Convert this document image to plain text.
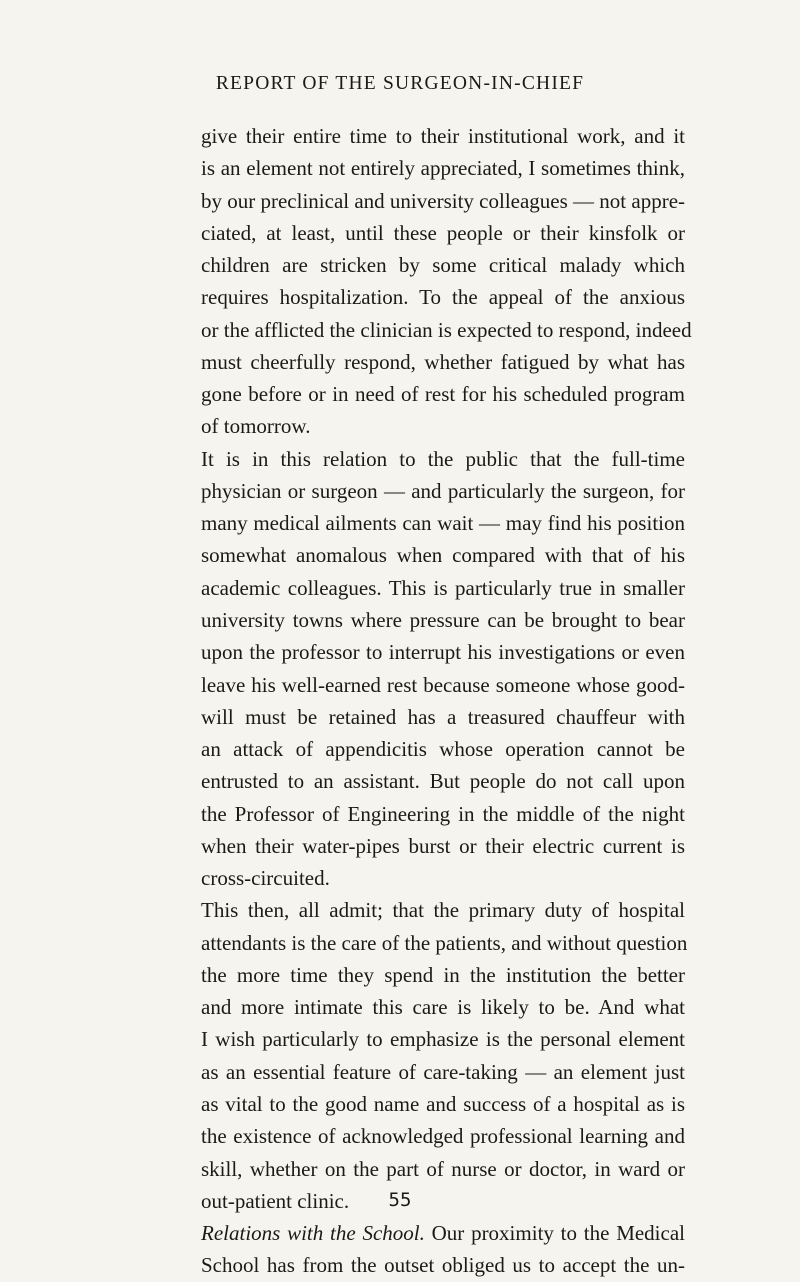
REPORT OF THE SURGEON-IN-CHIEF

give their entire time to their institutional work, and it
is an element not entirely appreciated, I sometimes think,
by our preclinical and university colleagues — not appre-
ciated, at least, until these people or their kinsfolk or
children are stricken by some critical malady which
requires hospitalization. To the appeal of the anxious
or the afflicted the clinician is expected to respond, indeed
must cheerfully respond, whether fatigued by what has
gone before or in need of rest for his scheduled program
of tomorrow.
It is in this relation to the public that the full-time
physician or surgeon — and particularly the surgeon, for
many medical ailments can wait — may find his position
somewhat anomalous when compared with that of his
academic colleagues. This is particularly true in smaller
university towns where pressure can be brought to bear
upon the professor to interrupt his investigations or even
leave his well-earned rest because someone whose good-
will must be retained has a treasured chauffeur with
an attack of appendicitis whose operation cannot be
entrusted to an assistant. But people do not call upon
the Professor of Engineering in the middle of the night
when their water-pipes burst or their electric current is
cross-circuited.
This then, all admit; that the primary duty of hospital
attendants is the care of the patients, and without question
the more time they spend in the institution the better
and more intimate this care is likely to be. And what
I wish particularly to emphasize is the personal element
as an essential feature of care-taking — an element just
as vital to the good name and success of a hospital as is
the existence of acknowledged professional learning and
skill, whether on the part of nurse or doctor, in ward or
out-patient clinic.
Relations with the School. Our proximity to the Medical
School has from the outset obliged us to accept the un-

55
